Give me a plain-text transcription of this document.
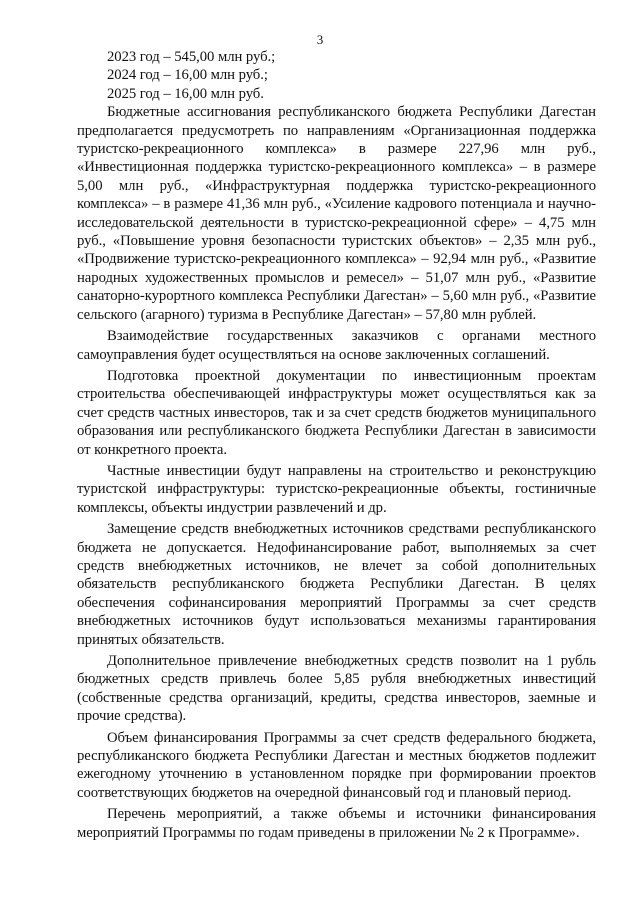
3

2023 год – 545,00 млн руб.;

2024 год – 16,00 млн руб.;

2025 год – 16,00 млн руб.

Бюджетные ассигнования республиканского бюджета Республики Дагестан предполагается предусмотреть по направлениям «Организационная поддержка туристско-рекреационного комплекса» в размере 227,96 млн руб., «Инвестиционная поддержка туристско-рекреационного комплекса» – в размере 5,00 млн руб., «Инфраструктурная поддержка туристско-рекреационного комплекса» – в размере 41,36 млн руб., «Усиление кадрового потенциала и научно-исследовательской деятельности в туристско-рекреационной сфере» – 4,75 млн руб., «Повышение уровня безопасности туристских объектов» – 2,35 млн руб., «Продвижение туристско-рекреационного комплекса» – 92,94 млн руб., «Развитие народных художественных промыслов и ремесел» – 51,07 млн руб., «Развитие санаторно-курортного комплекса Республики Дагестан» – 5,60 млн руб., «Развитие сельского (агарного) туризма в Республике Дагестан» – 57,80 млн рублей.

Взаимодействие государственных заказчиков с органами местного самоуправления будет осуществляться на основе заключенных соглашений.

Подготовка проектной документации по инвестиционным проектам строительства обеспечивающей инфраструктуры может осуществляться как за счет средств частных инвесторов, так и за счет средств бюджетов муниципального образования или республиканского бюджета Республики Дагестан в зависимости от конкретного проекта.

Частные инвестиции будут направлены на строительство и реконструкцию туристской инфраструктуры: туристско-рекреационные объекты, гостиничные комплексы, объекты индустрии развлечений и др.

Замещение средств внебюджетных источников средствами республиканского бюджета не допускается. Недофинансирование работ, выполняемых за счет средств внебюджетных источников, не влечет за собой дополнительных обязательств республиканского бюджета Республики Дагестан. В целях обеспечения софинансирования мероприятий Программы за счет средств внебюджетных источников будут использоваться механизмы гарантирования принятых обязательств.

Дополнительное привлечение внебюджетных средств позволит на 1 рубль бюджетных средств привлечь более 5,85 рубля внебюджетных инвестиций (собственные средства организаций, кредиты, средства инвесторов, заемные и прочие средства).

Объем финансирования Программы за счет средств федерального бюджета, республиканского бюджета Республики Дагестан и местных бюджетов подлежит ежегодному уточнению в установленном порядке при формировании проектов соответствующих бюджетов на очередной финансовый год и плановый период.

Перечень мероприятий, а также объемы и источники финансирования мероприятий Программы по годам приведены в приложении № 2 к Программе».
